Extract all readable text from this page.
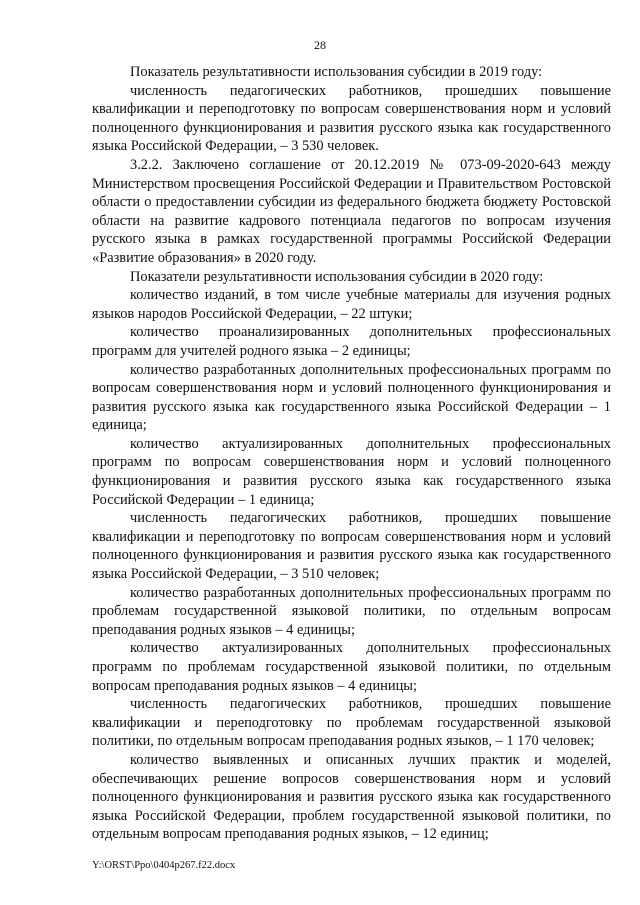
28

Показатель результативности использования субсидии в 2019 году:

численность педагогических работников, прошедших повышение квалификации и переподготовку по вопросам совершенствования норм и условий полноценного функционирования и развития русского языка как государственного языка Российской Федерации, – 3 530 человек.

3.2.2. Заключено соглашение от 20.12.2019 № 073-09-2020-643 между Министерством просвещения Российской Федерации и Правительством Ростовской области о предоставлении субсидии из федерального бюджета бюджету Ростовской области на развитие кадрового потенциала педагогов по вопросам изучения русского языка в рамках государственной программы Российской Федерации «Развитие образования» в 2020 году.

Показатели результативности использования субсидии в 2020 году:

количество изданий, в том числе учебные материалы для изучения родных языков народов Российской Федерации, – 22 штуки;

количество проанализированных дополнительных профессиональных программ для учителей родного языка – 2 единицы;

количество разработанных дополнительных профессиональных программ по вопросам совершенствования норм и условий полноценного функционирования и развития русского языка как государственного языка Российской Федерации – 1 единица;

количество актуализированных дополнительных профессиональных программ по вопросам совершенствования норм и условий полноценного функционирования и развития русского языка как государственного языка Российской Федерации – 1 единица;

численность педагогических работников, прошедших повышение квалификации и переподготовку по вопросам совершенствования норм и условий полноценного функционирования и развития русского языка как государственного языка Российской Федерации, – 3 510 человек;

количество разработанных дополнительных профессиональных программ по проблемам государственной языковой политики, по отдельным вопросам преподавания родных языков – 4 единицы;

количество актуализированных дополнительных профессиональных программ по проблемам государственной языковой политики, по отдельным вопросам преподавания родных языков – 4 единицы;

численность педагогических работников, прошедших повышение квалификации и переподготовку по проблемам государственной языковой политики, по отдельным вопросам преподавания родных языков, – 1 170 человек;

количество выявленных и описанных лучших практик и моделей, обеспечивающих решение вопросов совершенствования норм и условий полноценного функционирования и развития русского языка как государственного языка Российской Федерации, проблем государственной языковой политики, по отдельным вопросам преподавания родных языков, – 12 единиц;

Y:\ORST\Ppo\0404p267.f22.docx
